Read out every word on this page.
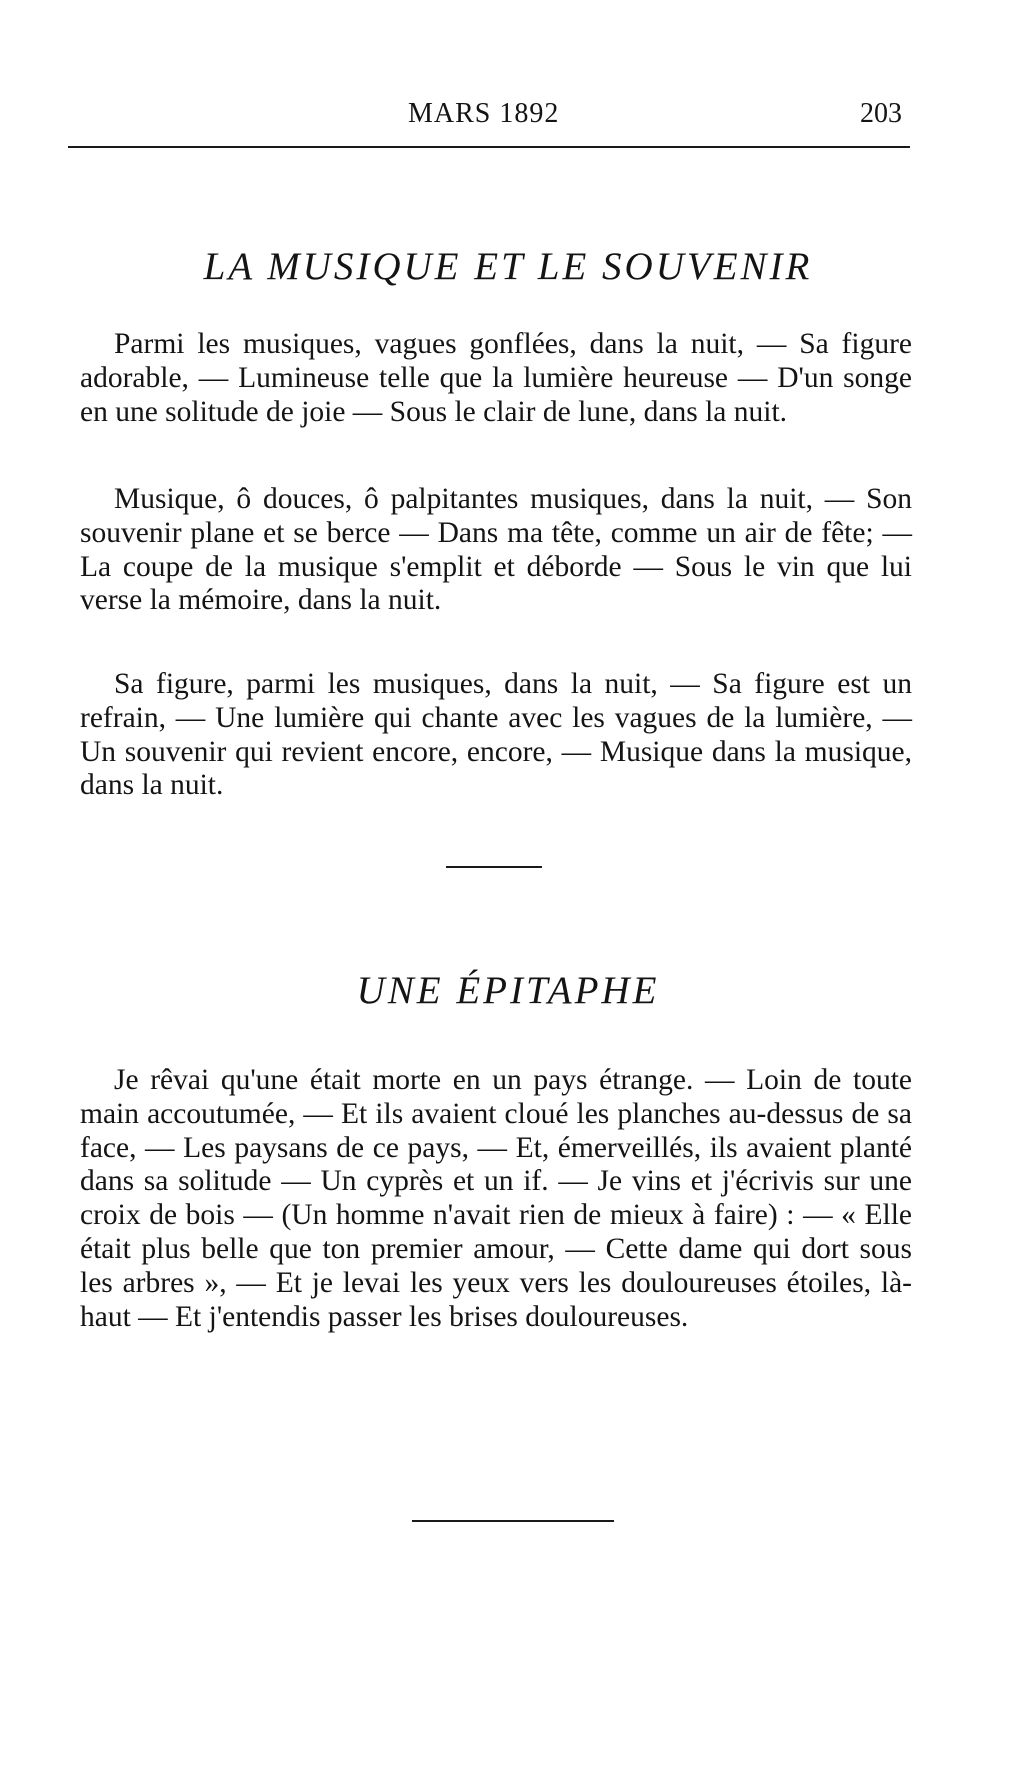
MARS 1892	203
LA MUSIQUE ET LE SOUVENIR

Parmi les musiques, vagues gonflées, dans la nuit, — Sa figure adorable, — Lumineuse telle que la lumière heureuse — D'un songe en une solitude de joie — Sous le clair de lune, dans la nuit.

Musique, ô douces, ô palpitantes musiques, dans la nuit, — Son souvenir plane et se berce — Dans ma tête, comme un air de fête; — La coupe de la musique s'emplit et déborde — Sous le vin que lui verse la mémoire, dans la nuit.

Sa figure, parmi les musiques, dans la nuit, — Sa figure est un refrain, — Une lumière qui chante avec les vagues de la lumière, — Un souvenir qui revient encore, encore, — Musique dans la musique, dans la nuit.

UNE ÉPITAPHE

Je rêvai qu'une était morte en un pays étrange. — Loin de toute main accoutumée, — Et ils avaient cloué les planches au-dessus de sa face, — Les paysans de ce pays, — Et, émerveillés, ils avaient planté dans sa solitude — Un cyprès et un if. — Je vins et j'écrivis sur une croix de bois — (Un homme n'avait rien de mieux à faire) : — « Elle était plus belle que ton premier amour, — Cette dame qui dort sous les arbres », — Et je levai les yeux vers les douloureuses étoiles, là-haut — Et j'entendis passer les brises douloureuses.
